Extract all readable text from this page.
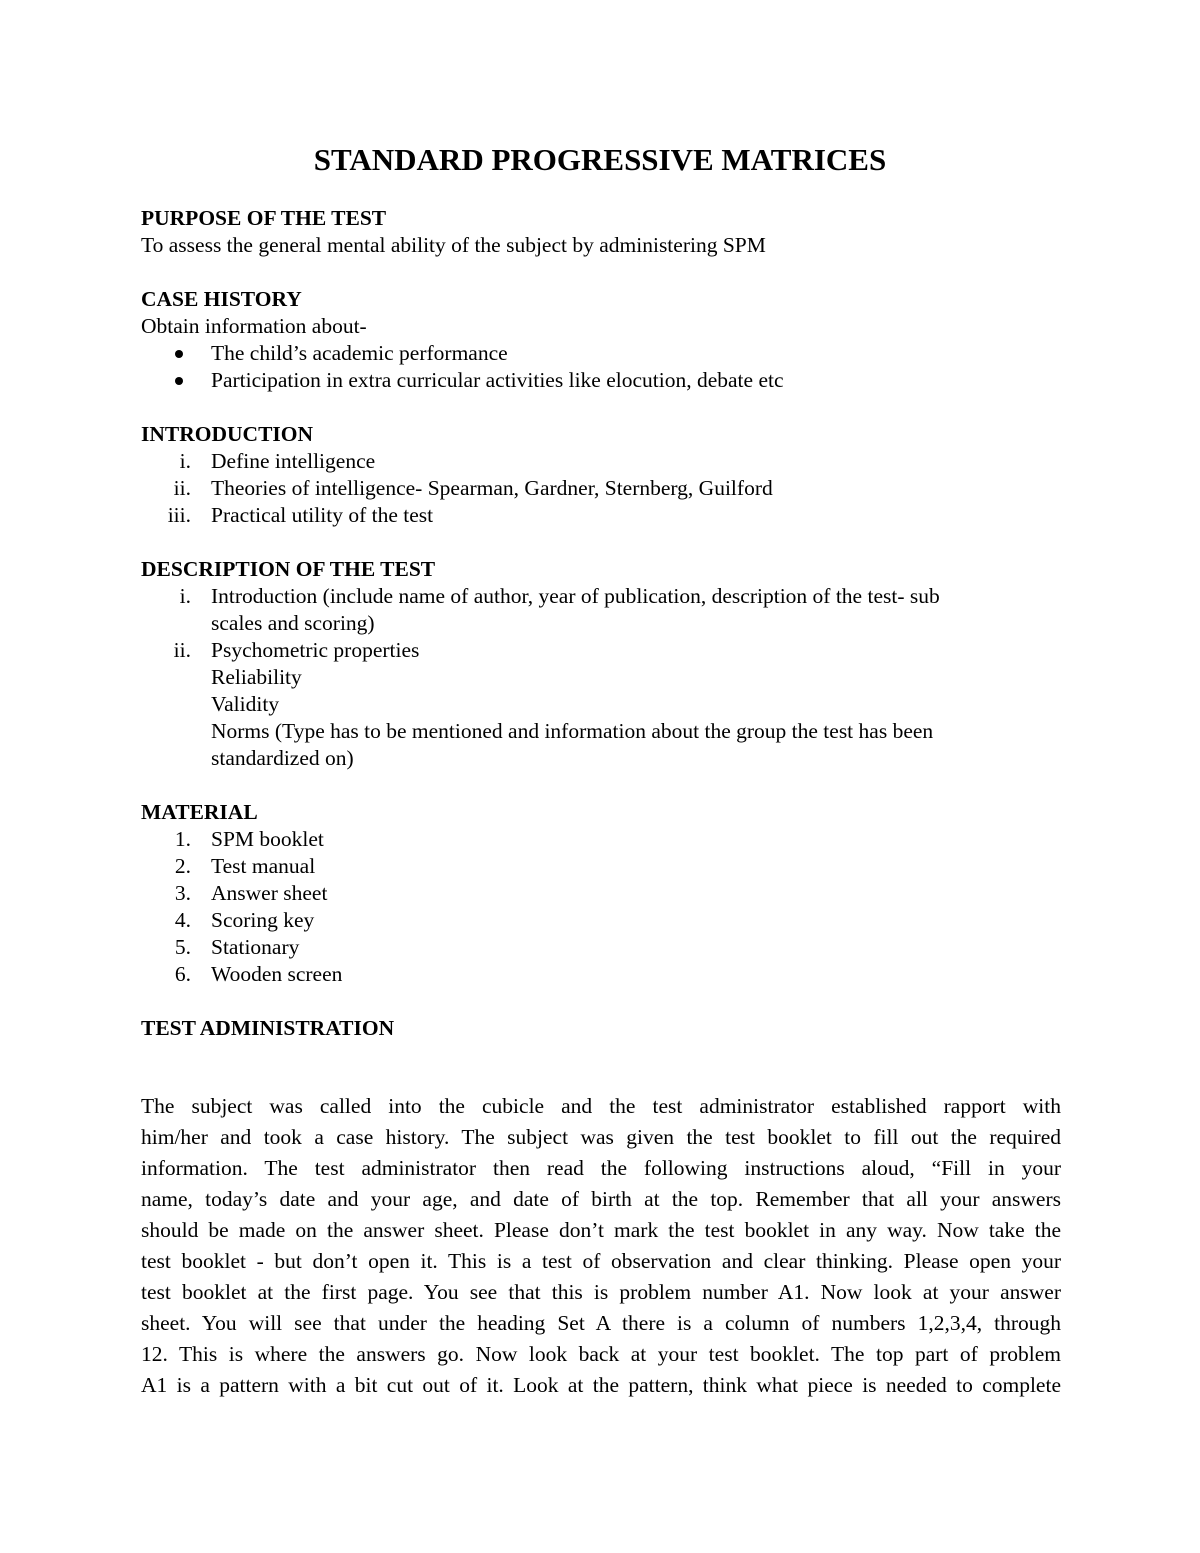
STANDARD PROGRESSIVE MATRICES

PURPOSE OF THE TEST

To assess the general mental ability of the subject by administering SPM

CASE HISTORY

Obtain information about-

The child’s academic performance
Participation in extra curricular activities like elocution, debate etc

INTRODUCTION

i. Define intelligence
ii. Theories of intelligence- Spearman, Gardner, Sternberg, Guilford
iii. Practical utility of the test

DESCRIPTION OF THE TEST

i. Introduction (include name of author, year of publication, description of the test- sub
scales and scoring)
ii. Psychometric properties
Reliability
Validity
Norms (Type has to be mentioned and information about the group the test has been
standardized on)

MATERIAL

1. SPM booklet
2. Test manual
3. Answer sheet
4. Scoring key
5. Stationary
6. Wooden screen

TEST ADMINISTRATION

The subject was called into the cubicle and the test administrator established rapport with
him/her and took a case history. The subject was given the test booklet to fill out the required
information. The test administrator then read the following instructions aloud, “Fill in your
name, today’s date and your age, and date of birth at the top. Remember that all your answers
should be made on the answer sheet. Please don’t mark the test booklet in any way. Now take the
test booklet - but don’t open it. This is a test of observation and clear thinking. Please open your
test booklet at the first page. You see that this is problem number A1. Now look at your answer
sheet. You will see that under the heading Set A there is a column of numbers 1,2,3,4, through
12. This is where the answers go. Now look back at your test booklet. The top part of problem
A1 is a pattern with a bit cut out of it. Look at the pattern, think what piece is needed to complete
